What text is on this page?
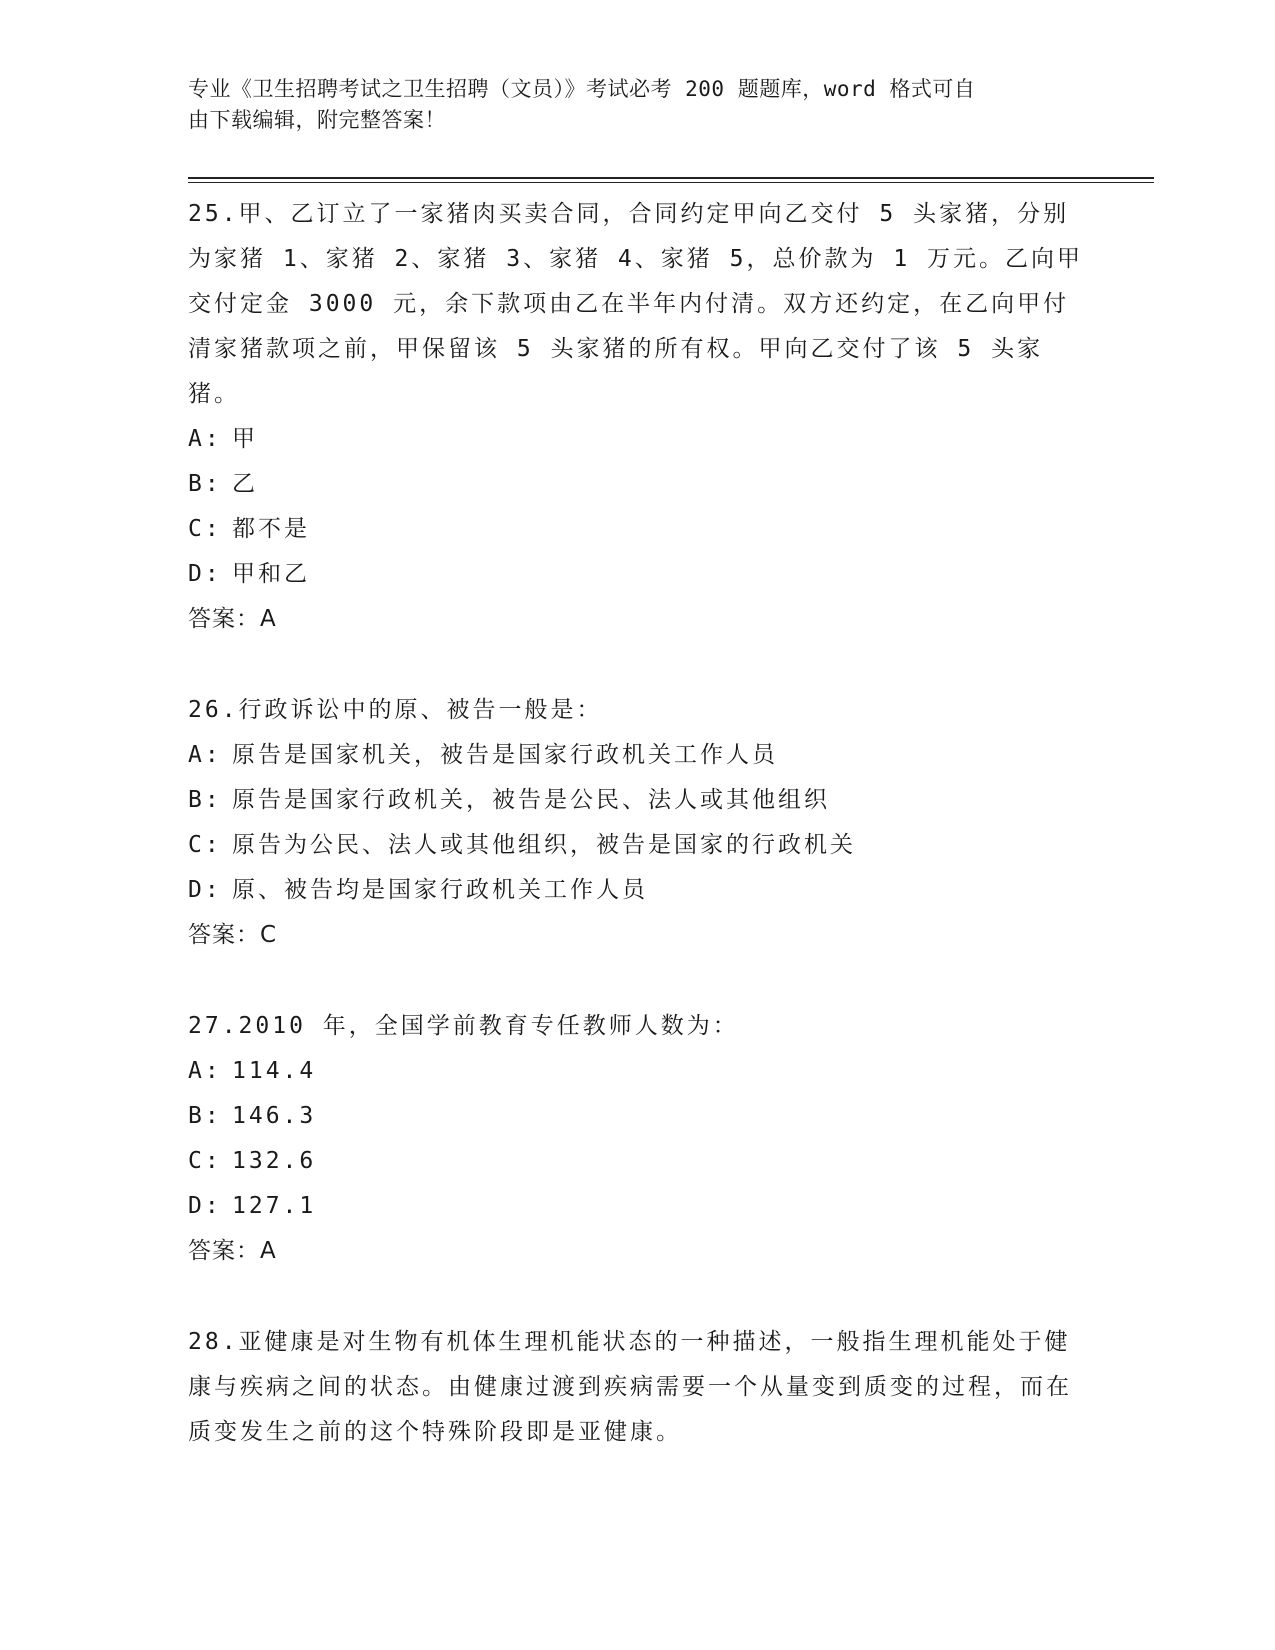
专业《卫生招聘考试之卫生招聘（文员）》考试必考 200 题题库，word 格式可自
由下载编辑，附完整答案！
25.甲、乙订立了一家猪肉买卖合同，合同约定甲向乙交付 5 头家猪，分别为家猪 1、家猪 2、家猪 3、家猪 4、家猪 5，总价款为 1 万元。乙向甲交付定金 3000 元，余下款项由乙在半年内付清。双方还约定，在乙向甲付清家猪款项之前，甲保留该 5 头家猪的所有权。甲向乙交付了该 5 头家猪。
A: 甲
B: 乙
C: 都不是
D: 甲和乙
答案：A
26.行政诉讼中的原、被告一般是：
A: 原告是国家机关，被告是国家行政机关工作人员
B: 原告是国家行政机关，被告是公民、法人或其他组织
C: 原告为公民、法人或其他组织，被告是国家的行政机关
D: 原、被告均是国家行政机关工作人员
答案：C
27.2010 年，全国学前教育专任教师人数为：
A: 114.4
B: 146.3
C: 132.6
D: 127.1
答案：A
28.亚健康是对生物有机体生理机能状态的一种描述，一般指生理机能处于健康与疾病之间的状态。由健康过渡到疾病需要一个从量变到质变的过程，而在质变发生之前的这个特殊阶段即是亚健康。
